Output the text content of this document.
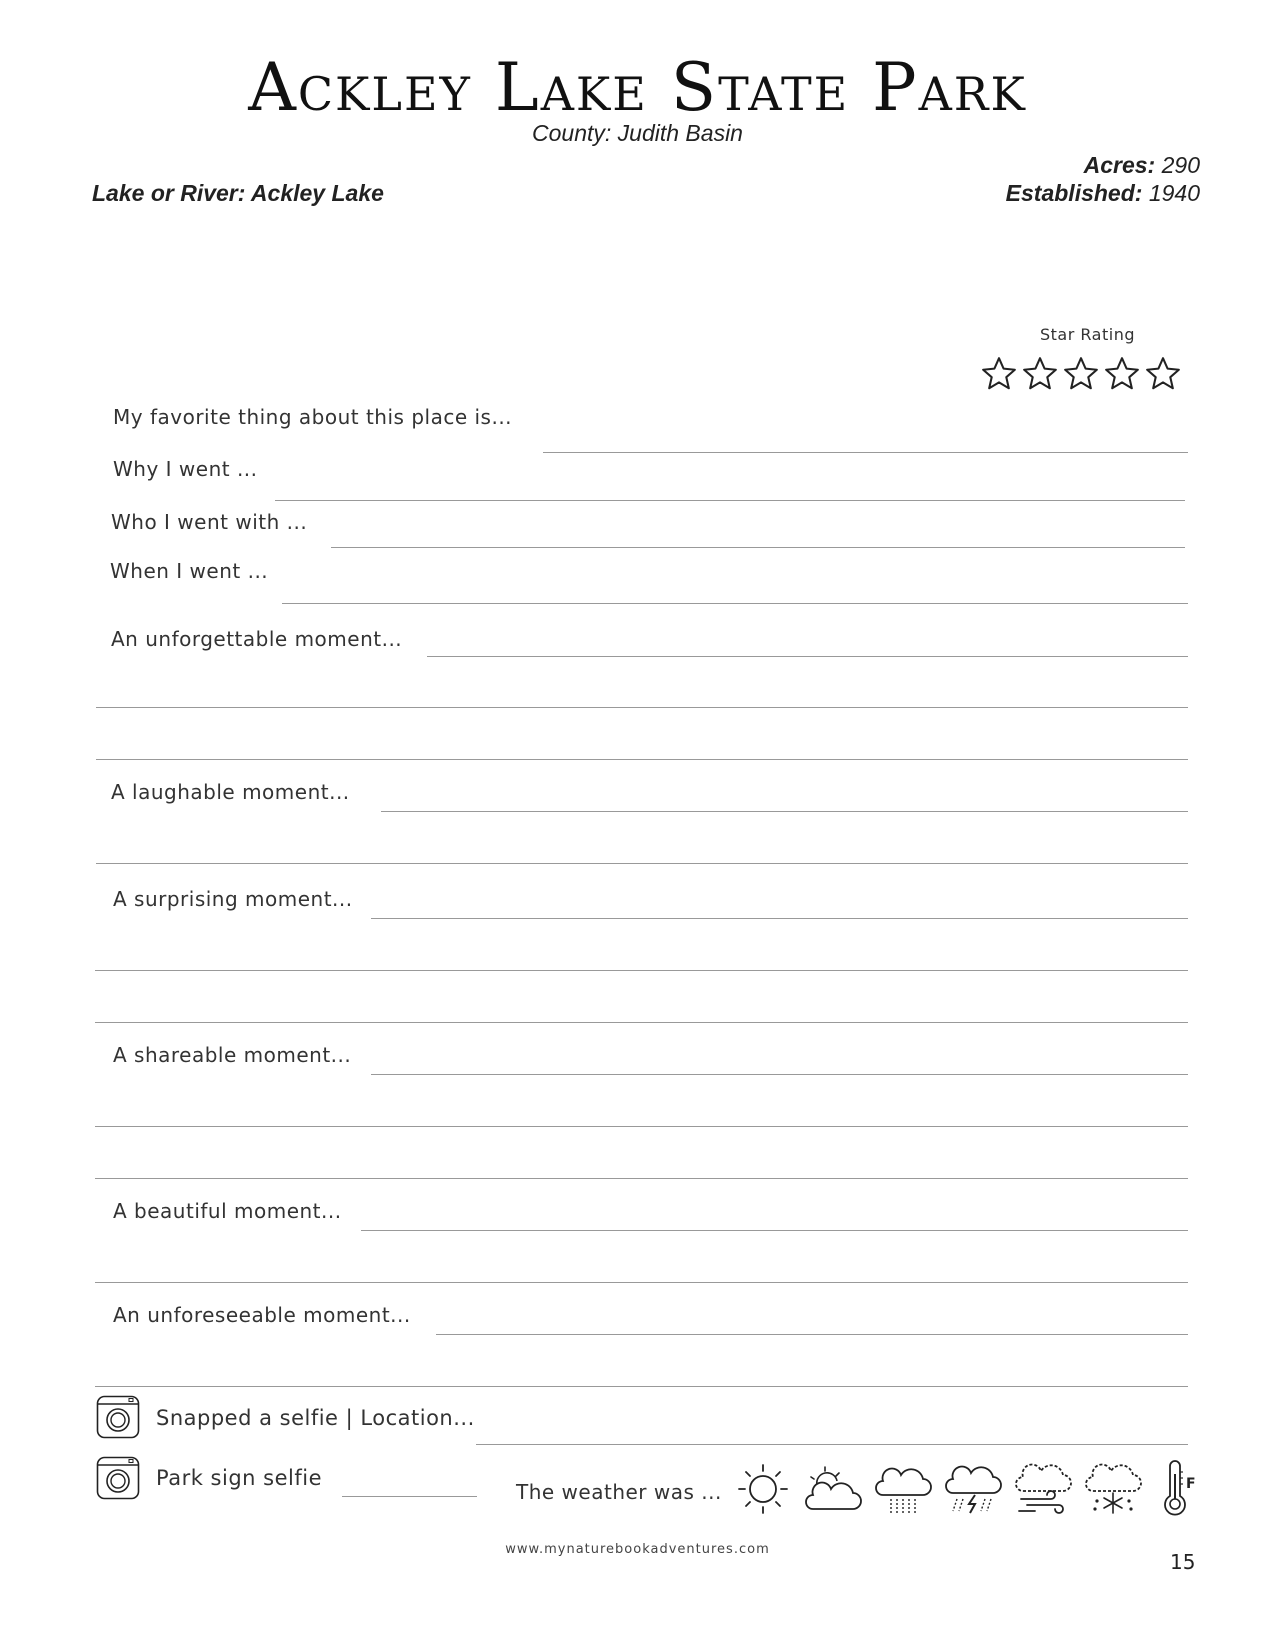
Ackley Lake State Park
County: Judith Basin
Acres: 290
Lake or River: Ackley Lake	Established: 1940
Star Rating
My favorite thing about this place is...
Why I went ...
Who I went with ...
When I went ...
An unforgettable moment...
A laughable moment...
A surprising moment...
A shareable moment...
A beautiful moment...
An unforeseeable moment...
Snapped a selfie | Location...
Park sign selfie
The weather was ...	F
www.mynaturebookadventures.com
15
